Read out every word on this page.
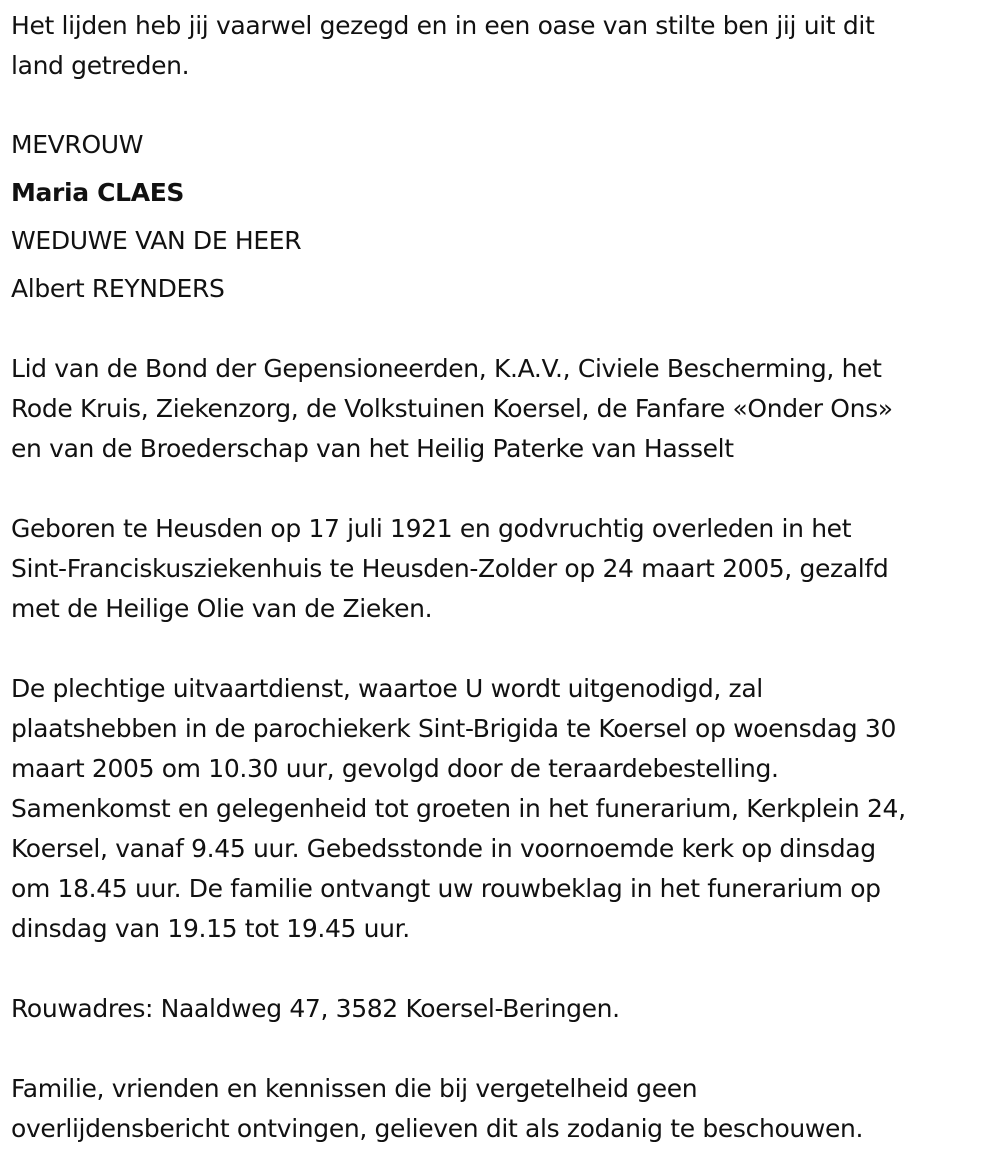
Het lijden heb jij vaarwel gezegd en in een oase van stilte ben jij uit dit
land getreden.
MEVROUW
Maria CLAES
WEDUWE VAN DE HEER
Albert REYNDERS
Lid van de Bond der Gepensioneerden, K.A.V., Civiele Bescherming, het
Rode Kruis, Ziekenzorg, de Volkstuinen Koersel, de Fanfare «Onder Ons»
en van de Broederschap van het Heilig Paterke van Hasselt
Geboren te Heusden op 17 juli 1921 en godvruchtig overleden in het
Sint-Franciskusziekenhuis te Heusden-Zolder op 24 maart 2005, gezalfd
met de Heilige Olie van de Zieken.
De plechtige uitvaartdienst, waartoe U wordt uitgenodigd, zal
plaatshebben in de parochiekerk Sint-Brigida te Koersel op woensdag 30
maart 2005 om 10.30 uur, gevolgd door de teraardebestelling.
Samenkomst en gelegenheid tot groeten in het funerarium, Kerkplein 24,
Koersel, vanaf 9.45 uur. Gebedsstonde in voornoemde kerk op dinsdag
om 18.45 uur. De familie ontvangt uw rouwbeklag in het funerarium op
dinsdag van 19.15 tot 19.45 uur.
Rouwadres: Naaldweg 47, 3582 Koersel-Beringen.
Familie, vrienden en kennissen die bij vergetelheid geen
overlijdensbericht ontvingen, gelieven dit als zodanig te beschouwen.
